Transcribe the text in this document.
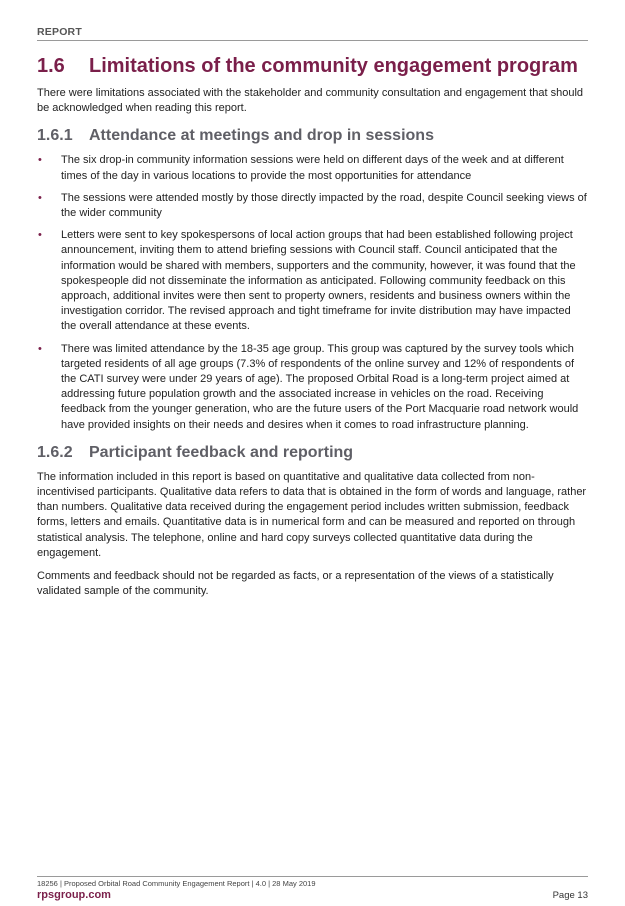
REPORT
1.6	Limitations of the community engagement program

There were limitations associated with the stakeholder and community consultation and engagement that should be acknowledged when reading this report.

1.6.1	Attendance at meetings and drop in sessions
• The six drop-in community information sessions were held on different days of the week and at different times of the day in various locations to provide the most opportunities for attendance
• The sessions were attended mostly by those directly impacted by the road, despite Council seeking views of the wider community
• Letters were sent to key spokespersons of local action groups that had been established following project announcement, inviting them to attend briefing sessions with Council staff. Council anticipated that the information would be shared with members, supporters and the community, however, it was found that the spokespeople did not disseminate the information as anticipated. Following community feedback on this approach, additional invites were then sent to property owners, residents and business owners within the investigation corridor. The revised approach and tight timeframe for invite distribution may have impacted the overall attendance at these events.
• There was limited attendance by the 18-35 age group. This group was captured by the survey tools which targeted residents of all age groups (7.3% of respondents of the online survey and 12% of respondents of the CATI survey were under 29 years of age). The proposed Orbital Road is a long-term project aimed at addressing future population growth and the associated increase in vehicles on the road. Receiving feedback from the younger generation, who are the future users of the Port Macquarie road network would have provided insights on their needs and desires when it comes to road infrastructure planning.
1.6.2	Participant feedback and reporting

The information included in this report is based on quantitative and qualitative data collected from non-incentivised participants. Qualitative data refers to data that is obtained in the form of words and language, rather than numbers. Qualitative data received during the engagement period includes written submission, feedback forms, letters and emails. Quantitative data is in numerical form and can be measured and reported on through statistical analysis. The telephone, online and hard copy surveys collected quantitative data during the engagement.

Comments and feedback should not be regarded as facts, or a representation of the views of a statistically validated sample of the community.

18256 | Proposed Orbital Road Community Engagement Report | 4.0 | 28 May 2019
rpsgroup.com	Page 13
